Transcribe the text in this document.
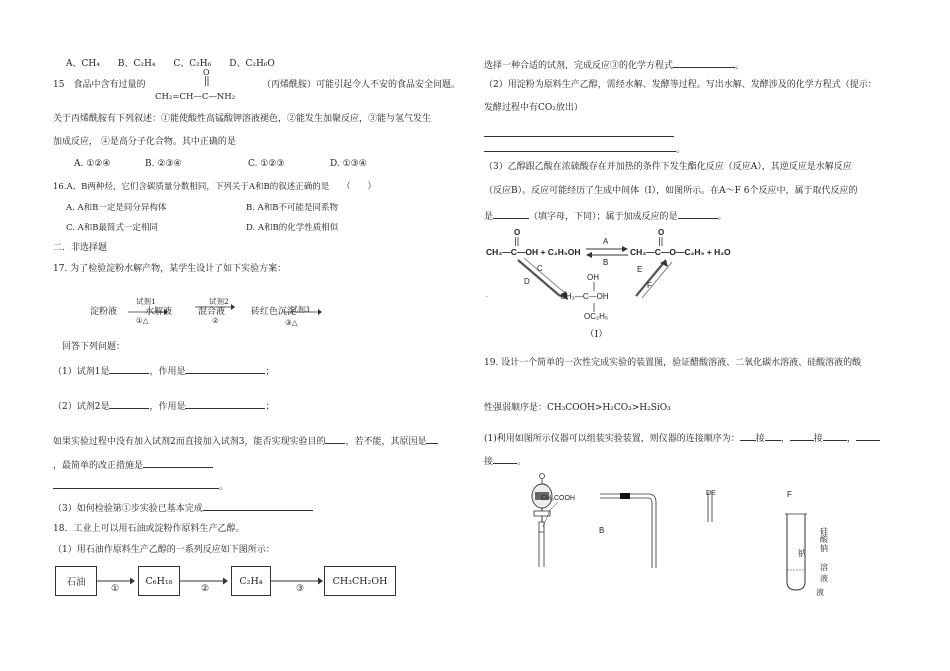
A、CH₄　　B、C₂H₄　　C、C₂H₆　　D、C₂H₆O
15　食品中含有过量的
O
CH₂=CH—C—NH₂
（丙烯酰胺）可能引起令人不安的食品安全问题。
关于丙烯酰胺有下列叙述：①能使酸性高锰酸钾溶液褪色，②能发生加聚反应，③能与氢气发生
加成反应， ④是高分子化合物。其中正确的是
A. ①②④	B. ②③④	C. ①②③	D. ①③④
16.A、B两种烃，它们含碳质量分数相同，下列关于A和B的叙述正确的是　　（　　）
A. A和B一定是同分异构体	B. A和B不可能是同系物
C. A和B最简式一定相同	D. A和B的化学性质相似
二．非选择题
17. 为了检验淀粉水解产物，某学生设计了如下实验方案：
淀粉液
试剂1
①△
水解液
试剂2
②
混合液	砖红色沉淀
试剂3
③△
回答下列问题：
（1）试剂1是	，作用是	；
（2）试剂2是	，作用是	；
如果实验过程中没有加入试剂2而直接加入试剂3，能否实现实验目的 ，若不能，其原因是
，最简单的改正措施是
。
（3）如何检验第①步实验已基本完成
18．工业上可以用石油或淀粉作原料生产乙醇。
（1）用石油作原料生产乙醇的一系列反应如下图所示：
石油
①
C₆H₁₈
②
C₂H₄
③
CH₃CH₂OH
选择一种合适的试剂，完成反应③的化学方程式	。
（2）用淀粉为原料生产乙醇，需经水解、发酵等过程。写出水解、发酵涉及的化学方程式（提示：
发酵过程中有CO₂放出）
。
（3）乙醇跟乙酸在浓硫酸存在并加热的条件下发生酯化反应（反应A），其逆反应是水解反应
（反应B）。反应可能经历了生成中间体（I），如图所示。在A～F 6个反应中，属于取代反应的
是	（填字母，下同）；属于加成反应的是	。
O
CH₃—C—OH + C₂H₅OH
A
B
O
CH₃—C—O—C₂H₅ + H₂O
C
D
E
F
OH
CH₃—C—OH
OC₂H₅
（Ⅰ）
.
19. 设计一个简单的一次性完成实验的装置图，验证醋酸溶液、二氧化碳水溶液、硅酸溶液的酸
性强弱顺序是：CH₃COOH>H₂CO₃>H₂SiO₃
(1)利用如图所示仪器可以组装实验装置，则仪器的连接顺序为： 接 ，	接	，
接	。
CH₃COOH
B
DE	F
硅酸钠
溶
液
钠
液
